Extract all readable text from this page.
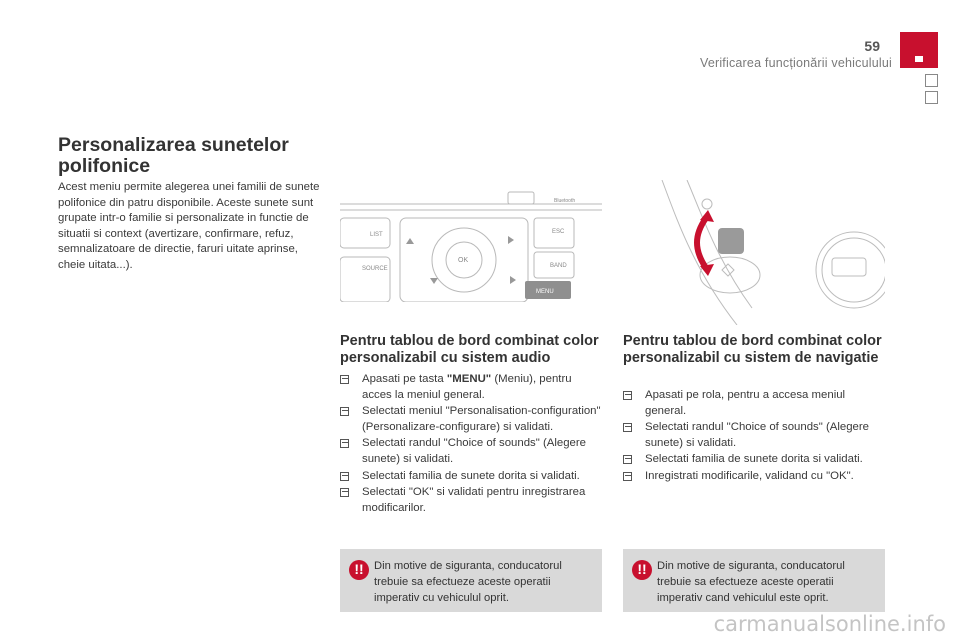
59
Verificarea funcționării vehiculului
Personalizarea sunetelor polifonice
Acest meniu permite alegerea unei familii de sunete polifonice din patru disponibile. Aceste sunete sunt grupate intr-o familie si personalizate in functie de situatii si context (avertizare, confirmare, refuz, semnalizatoare de directie, faruri uitate aprinse, cheie uitata...).
LIST
SOURCE
OK
ESC
BAND
MENU
Bluetooth
Pentru tablou de bord combinat color personalizabil cu sistem audio
Apasati pe tasta "MENU" (Meniu), pentru acces la meniul general.
Selectati meniul "Personalisation-configuration" (Personalizare-configurare) si validati.
Selectati randul "Choice of sounds" (Alegere sunete) si validati.
Selectati familia de sunete dorita si validati.
Selectati "OK" si validati pentru inregistrarea modificarilor.
!! Din motive de siguranta, conducatorul trebuie sa efectueze aceste operatii imperativ cu vehiculul oprit.
Pentru tablou de bord combinat color personalizabil cu sistem de navigatie
Apasati pe rola, pentru a accesa meniul general.
Selectati randul "Choice of sounds" (Alegere sunete) si validati.
Selectati familia de sunete dorita si validati.
Inregistrati modificarile, validand cu "OK".
!! Din motive de siguranta, conducatorul trebuie sa efectueze aceste operatii imperativ cand vehiculul este oprit.
carmanualsonline.info
